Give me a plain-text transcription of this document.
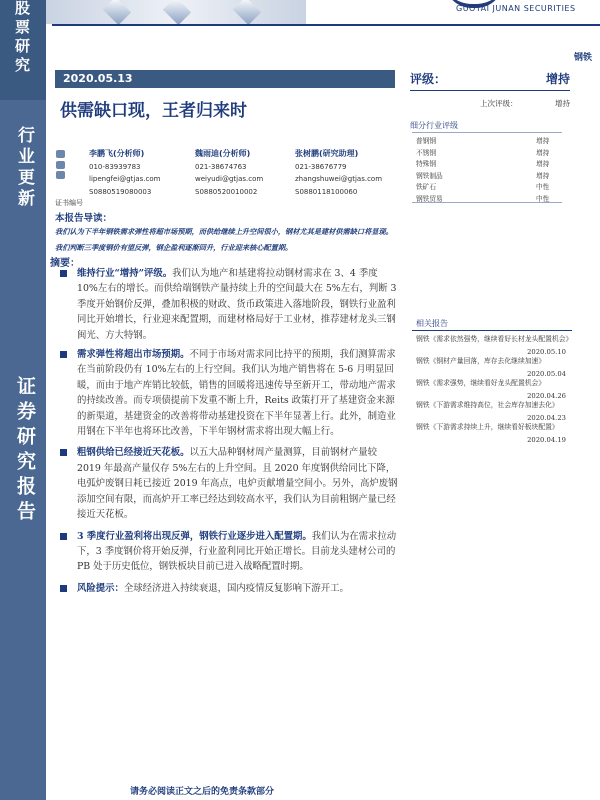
股票研究
行业更新
证券研究报告
GUOTAI JUNAN SECURITIES
钢铁
2020.05.13
供需缺口现，王者归来时
李鹏飞(分析师)
010-83939783
lipengfei@gtjas.com
S0880519080003
魏雨迪(分析师)
021-38674763
weiyudi@gtjas.com
S0880520010002
张树鹏(研究助理)
021-38676779
zhangshuwei@gtjas.com
S0880118100060
证书编号
本报告导读：
我们认为下半年钢铁需求弹性将超市场预期，而供给继续上升空间很小，钢材尤其是建材供需缺口将显现。我们判断三季度钢价有望反弹，钢企盈利逐渐回升，行业迎来核心配置期。
摘要：
维持行业“增持”评级。我们认为地产和基建将拉动钢材需求在 3、4 季度 10%左右的增长。而供给端钢铁产量持续上升的空间最大在 5%左右，判断 3 季度开始钢价反弹，叠加积极的财政、货币政策进入落地阶段，钢铁行业盈利同比开始增长，行业迎来配置期，而建材格局好于工业材，推荐建材龙头三钢闽光、方大特钢。
需求弹性将超出市场预期。不同于市场对需求同比持平的预期，我们测算需求在当前阶段仍有 10%左右的上行空间。我们认为地产销售将在 5-6 月明显回暖，而由于地产库销比较低，销售的回暖将迅速传导至新开工，带动地产需求的持续改善。而专项债提前下发重不断上升，Reits 政策打开了基建资金来源的新渠道，基建资金的改善将带动基建投资在下半年显著上行。此外，制造业用钢在下半年也将环比改善，下半年钢材需求将出现大幅上行。
粗钢供给已经接近天花板。以五大品种钢材周产量测算，目前钢材产量较 2019 年最高产量仅存 5%左右的上升空间。且 2020 年度钢供给同比下降，电弧炉废钢日耗已接近 2019 年高点，电炉贡献增量空间小。另外，高炉废钢添加空间有限，而高炉开工率已经达到较高水平，我们认为目前粗钢产量已经接近天花板。
3 季度行业盈利将出现反弹，钢铁行业逐步进入配置期。我们认为在需求拉动下，3 季度钢价将开始反弹，行业盈利同比开始正增长。目前龙头建材公司的 PB 处于历史低位，钢铁板块目前已进入战略配置时期。
风险提示：全球经济进入持续衰退，国内疫情反复影响下游开工。
评级：	增持
上次评级：	增持
细分行业评级
普钢钢	增持
不锈钢	增持
特殊钢	增持
钢铁制品	增持
铁矿石	中性
钢铁贸易	中性
相关报告
钢铁《需求依然强势，继续看好长材龙头配置机会》
2020.05.10
钢铁《钢材产量回落，库存去化继续加速》
2020.05.04
钢铁《需求强势，继续看好龙头配置机会》
2020.04.26
钢铁《下游需求维持高位，社会库存加速去化》
2020.04.23
钢铁《下游需求持续上升，继续看好板块配置》
2020.04.19
请务必阅读正文之后的免责条款部分
